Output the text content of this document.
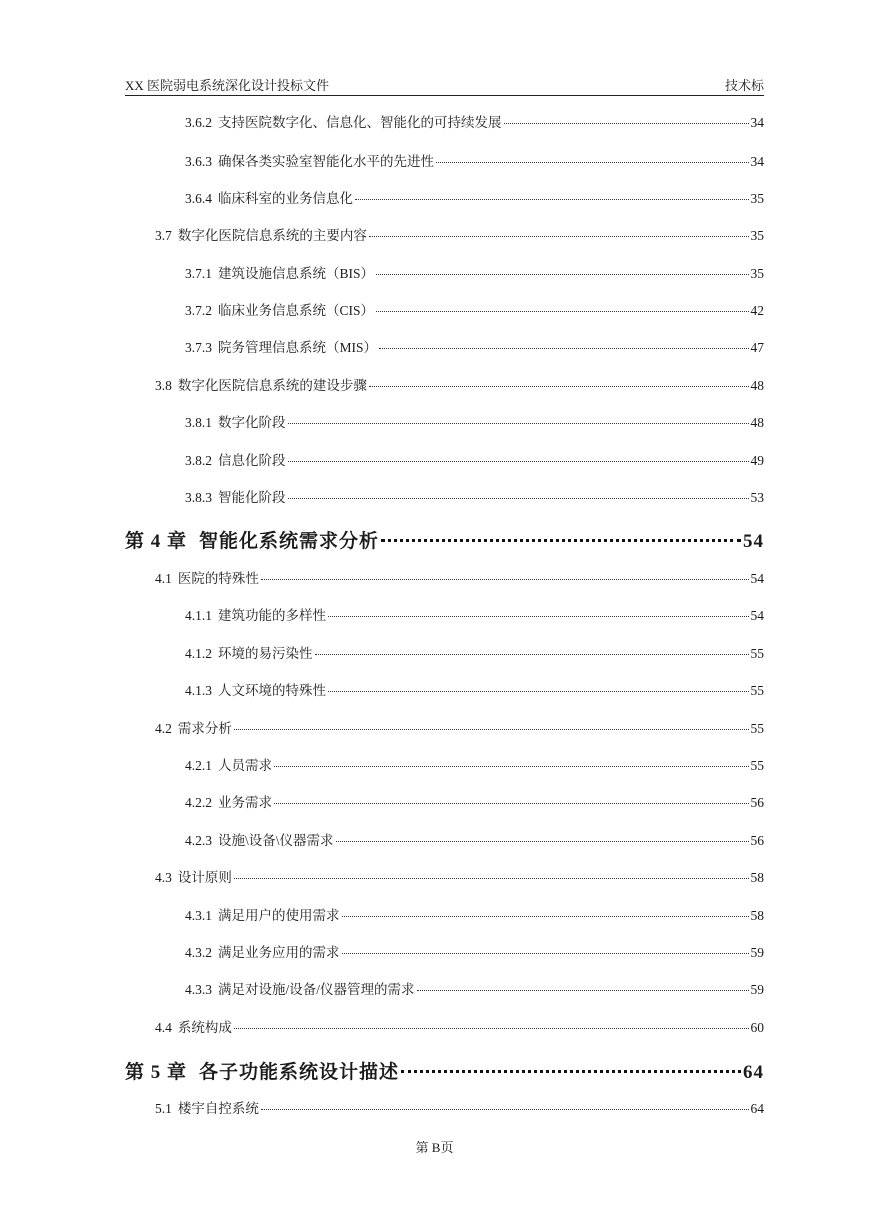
XX 医院弱电系统深化设计投标文件	技术标
3.6.2 支持医院数字化、信息化、智能化的可持续发展	34
3.6.3 确保各类实验室智能化水平的先进性	34
3.6.4 临床科室的业务信息化	35
3.7 数字化医院信息系统的主要内容	35
3.7.1 建筑设施信息系统（BIS）	35
3.7.2 临床业务信息系统（CIS）	42
3.7.3 院务管理信息系统（MIS）	47
3.8 数字化医院信息系统的建设步骤	48
3.8.1 数字化阶段	48
3.8.2 信息化阶段	49
3.8.3 智能化阶段	53
第 4 章 智能化系统需求分析	54
4.1 医院的特殊性	54
4.1.1 建筑功能的多样性	54
4.1.2 环境的易污染性	55
4.1.3 人文环境的特殊性	55
4.2 需求分析	55
4.2.1 人员需求	55
4.2.2 业务需求	56
4.2.3 设施\设备\仪器需求	56
4.3 设计原则	58
4.3.1 满足用户的使用需求	58
4.3.2 满足业务应用的需求	59
4.3.3 满足对设施/设备/仪器管理的需求	59
4.4 系统构成	60
第 5 章 各子功能系统设计描述	64
5.1 楼宇自控系统	64
第 B页
